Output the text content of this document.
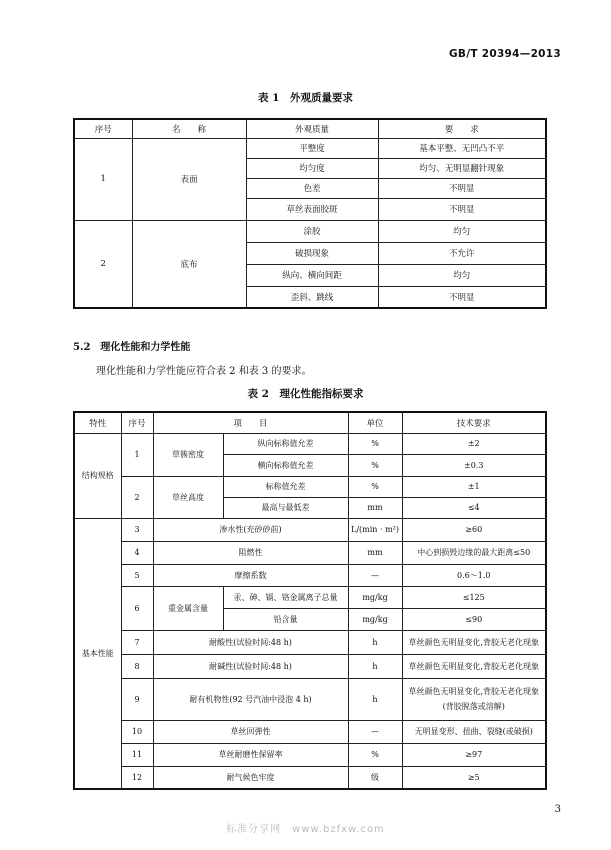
GB/T 20394—2013
表 1　外观质量要求
序号	名　　称	外观质量	要　　求
1	表面	平整度	基本平整、无凹凸不平
		均匀度	均匀、无明显翻针现象
		色差	不明显
		草丝表面胶斑	不明显
2	底布	涂胶	均匀
		破损现象	不允许
		纵向、横向间距	均匀
		歪斜、跳线	不明显
5.2　理化性能和力学性能
理化性能和力学性能应符合表 2 和表 3 的要求。
表 2　理化性能指标要求
特性	序号	项　　目		单位	技术要求
结构规格	1	草簇密度	纵向标称值允差	%	±2
			横向标称值允差	%	±0.3
	2	草丝高度	标称值允差	%	±1
			最高与最低差	mm	≤4
基本性能	3	渗水性(充砂砂前)		L/(min · m²)	≥60
	4	阻燃性		mm	中心到损毁边缘的最大距离≤50
	5	摩擦系数		—	0.6～1.0
	6	重金属含量	汞、砷、镉、铬金属离子总量	mg/kg	≤125
			铅含量	mg/kg	≤90
	7	耐酸性(试验时间:48 h)		h	草丝颜色无明显变化,背胶无老化现象
	8	耐碱性(试验时间:48 h)		h	草丝颜色无明显变化,背胶无老化现象
	9	耐有机物性(92 号汽油中浸泡 4 h)		h	草丝颜色无明显变化,背胶无老化现象
(背胶脱落或溶解)

	10	草丝回弹性		—	无明显变形、扭曲、裂缝(或破损)
	11	草丝耐磨性保留率		%	≥97
	12	耐气候色牢度		级	≥5
3
标准分享网　www.bzfxw.com
